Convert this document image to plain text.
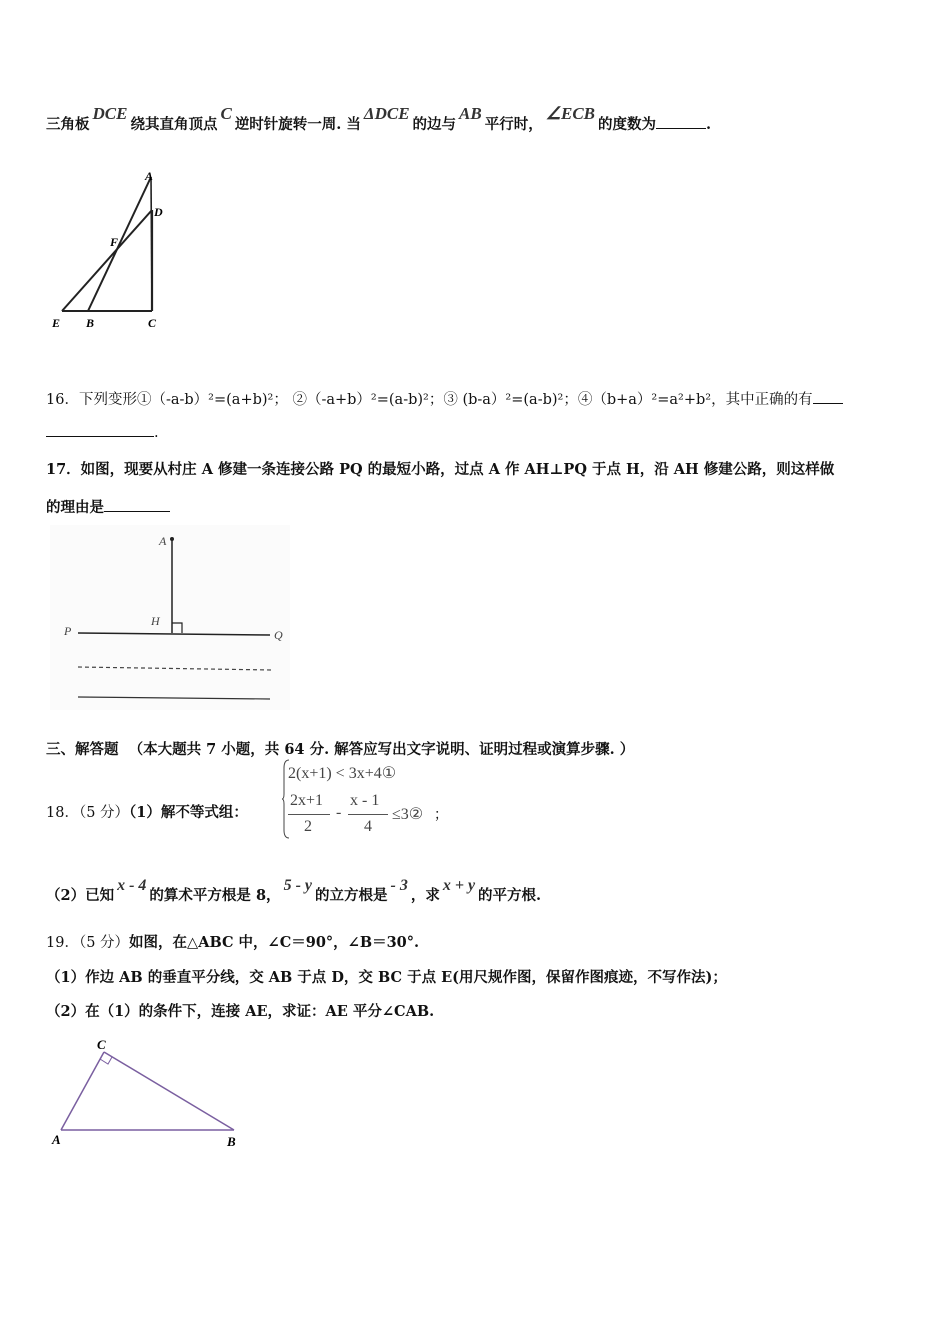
三角板DCE绕其直角顶点C逆时针旋转一周. 当ΔDCE的边与AB平行时，∠ECB的度数为	.
A
D
F
E B	C
16．下列变形①（-a-b）²=(a+b)²； ②（-a+b）²=(a-b)²；③ (b-a）²=(a-b)²；④（b+a）²=a²+b²，其中正确的有
.
17．如图，现要从村庄 A 修建一条连接公路 PQ 的最短小路，过点 A 作 AH⊥PQ 于点 H，沿 AH 修建公路，则这样做
的理由是
A
H
P	Q
三、解答题 （本大题共 7 小题，共 64 分. 解答应写出文字说明、证明过程或演算步骤. ）
18．（5 分）（1）解不等式组：
2(x+1) < 3x+4①
2x+1
2
-
x - 1
4
≤3② ；
（2）已知x - 4的算术平方根是 8，5 - y的立方根是- 3，求x + y的平方根.
19．（5 分）如图，在△ABC 中，∠C＝90°，∠B＝30°.
（1）作边 AB 的垂直平分线，交 AB 于点 D，交 BC 于点 E(用尺规作图，保留作图痕迹，不写作法)；
（2）在（1）的条件下，连接 AE，求证：AE 平分∠CAB.
C
A	B
